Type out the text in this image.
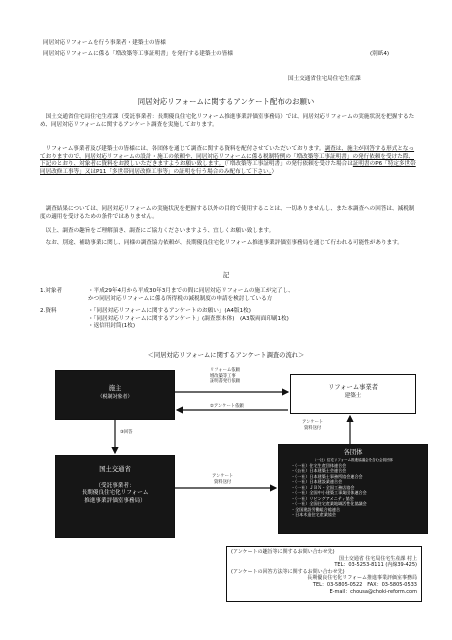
同居対応リフォームを行う事業者・建築士の皆様
同居対応リフォームに係る「増改築等工事証明書」を発行する建築士の皆様	(別紙4)
国土交通省住宅局住宅生産課
同居対応リフォームに関するアンケート配布のお願い
国土交通省住宅局住宅生産課（受託事業者：長期優良住宅化リフォーム推進事業評価室事務局）では、同居対応リフォームの実施状況を把握するため、同居対応リフォームに関するアンケート調査を実施しております。
リフォーム事業者及び建築士の皆様には、各団体を通じて調査に関する資料を配付させていただいております。調査は、施主が回答する形式となっておりますので、同居対応リフォームの設計・施工の依頼や、同居対応リフォームに係る税制特例の「増改築等工事証明書」の発行依頼を受けた際、下記のとおり、対象者に資料をお渡しいただきますようお願い致します。（「増改築等工事証明書」の発行依頼を受けた場合は証明書のP6「特定多世帯同居改修工事等」又はP11「多世帯同居改修工事等」の証明を行う場合のみ配布して下さい。）
調査結果については、同居対応リフォームの実施状況を把握する以外の目的で使用することは、一切ありませんし、また本調査への回答は、減税制度の適用を受けるための条件ではありません。
以上、調査の趣旨をご理解頂き、調査にご協力くださいますよう、宜しくお願い致します。
なお、別途、補助事業に関し、同様の調査協力依頼が、長期優良住宅化リフォーム推進事業評価室事務局を通じて行われる可能性があります。
記
1.対象者	・平成29年4月から平成30年3月までの間に同居対応リフォームの施工が完了し、
かつ同居対応リフォームに係る所得税の減税制度の申請を検討している方
2.資料	・「同居対応リフォームに関するアンケートのお願い」(A4版1枚)
・「同居対応リフォームに関するアンケート」(調査票本体)　(A3版両面印刷1枚)
・返信用封筒(1枚)
＜同居対応リフォームに関するアンケート調査の流れ＞
施主
（税制対象者）
リフォーム事業者
建築士
国土交通省
（受託事業者：
長期優良住宅化リフォーム
推進事業評価室事務局）
各団体
（一社）住宅リフォーム推進協議会を含む会員団体
・（一社）住宅生産団体連合会
・（公社）日本建築士会連合会
・（一社）日本建築士事務所協会連合会
・（一社）日本建設業連合会
・（一社）ＪＢＮ・全国工務店協会
・（一社）全国中小建築工事業団体連合会
・（一社）リビングアメニティ協会
・（一社）全国住宅産業地域活性化協議会
・全国建設労働組合総連合
・日本木造住宅産業協会
リフォーム依頼
増改築等工事
証明書発行依頼
②アンケート依頼
③回答
アンケート
資料送付
アンケート
資料送付
(アンケートの趣旨等に関するお問い合わせ先)
国土交通省 住宅局住宅生産課 村上
TEL：03-5253-8111 (内線39-425)
(アンケートの回答方法等に関するお問い合わせ先)
長期優良住宅化リフォーム推進事業評価室事務局
TEL：03-5805-0522　FAX：03-5805-0533
E-mail：chousa@choki-reform.com
